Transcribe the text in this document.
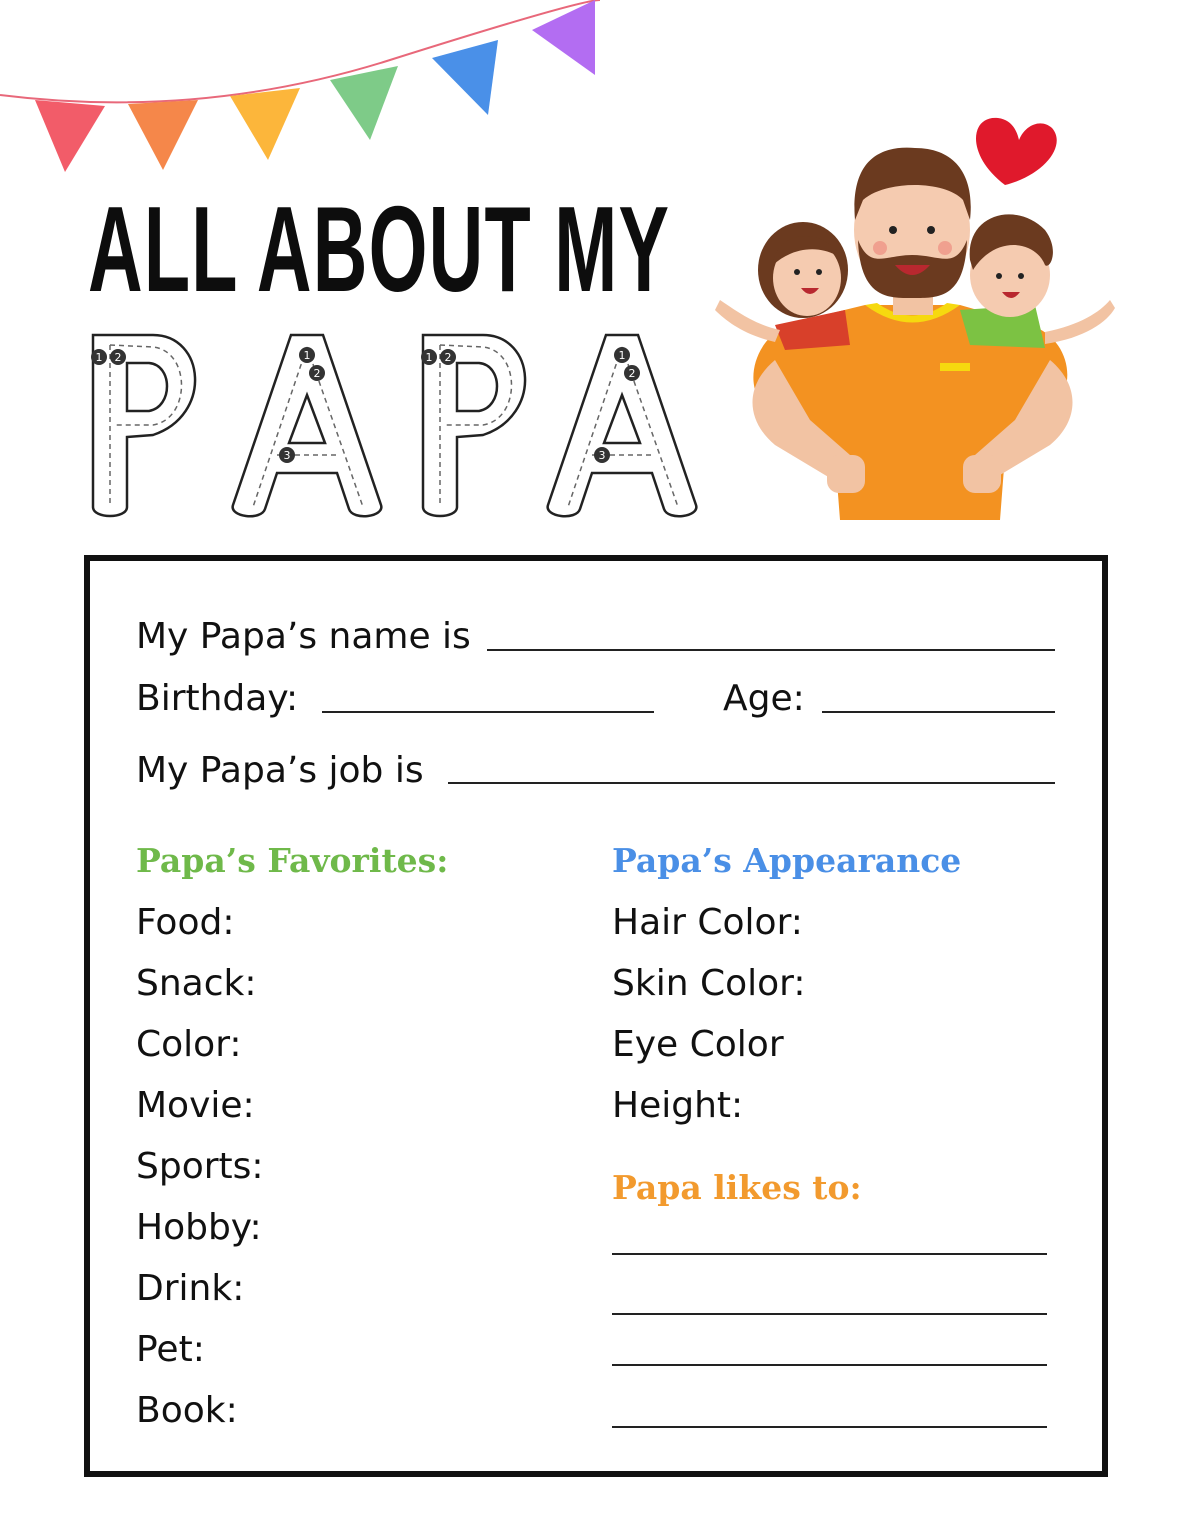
ALL ABOUT MY
1 2	1
2
3
1 2	1
2
3
My Papa’s name is
Birthday:	Age:
My Papa’s job is
Papa’s Favorites:
Food:
Snack:
Color:
Movie:
Sports:
Hobby:
Drink:
Pet:
Book:
Papa’s Appearance
Hair Color:
Skin Color:
Eye Color
Height:
Papa likes to:
